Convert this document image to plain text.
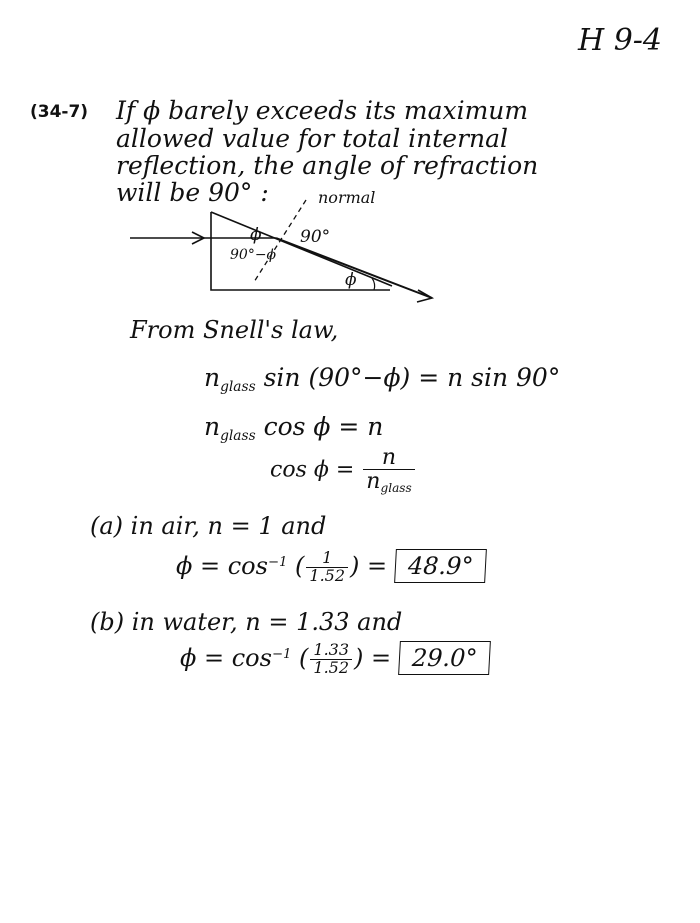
H 9-4
(34-7) If ϕ barely exceeds its maximum
allowed value for total internal
reflection, the angle of refraction
will be 90° :	normal
90°
ϕ
90°−ϕ
ϕ
From Snell's law,
$n_{glass}$ sin (90°−ϕ) = n sin 90°
$n_{glass}$ cos ϕ = n
$\cos \phi = \frac{n}{n_{glass}}$
(a) in air, n = 1 and
$\phi = \cos^{-1}$ ( $\frac{1}{1.52}$ ) = 48.9°
(b) in water, n = 1.33 and
$\phi = \cos^{-1}$ ( $\frac{1.33}{1.52}$ ) = 29.0°
